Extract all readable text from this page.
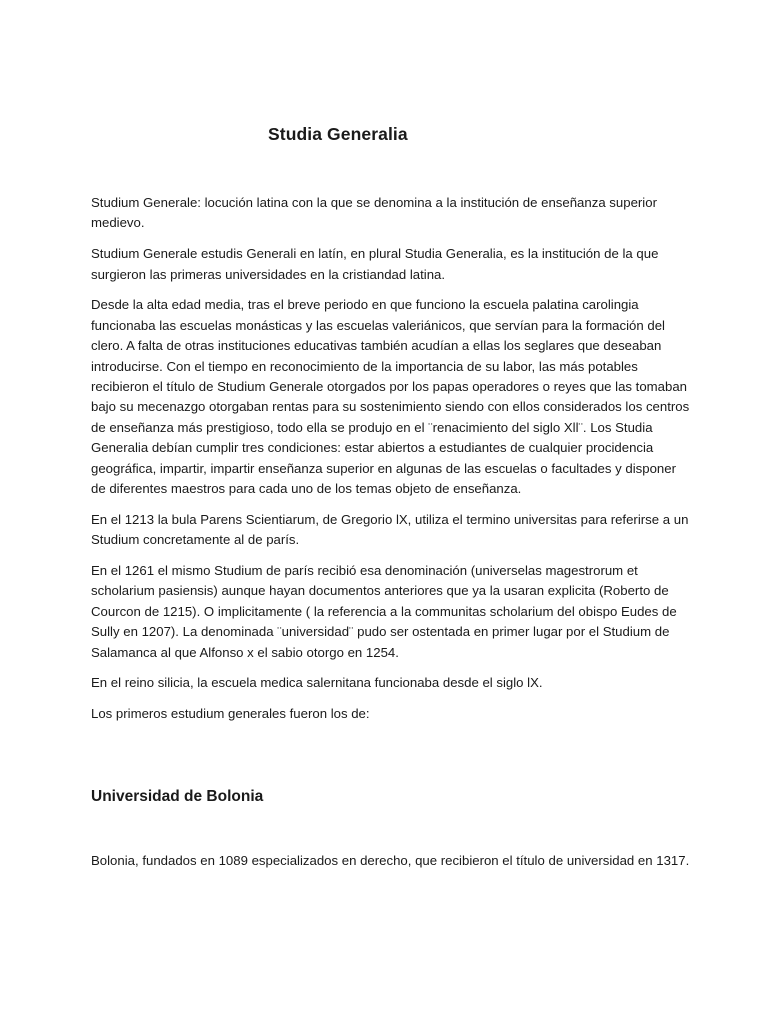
Studia Generalia

Studium Generale: locución latina con la que se denomina a la institución de enseñanza superior medievo.

Studium Generale estudis Generali en latín, en plural Studia Generalia, es la institución de la que surgieron las primeras universidades en la cristiandad latina.

Desde la alta edad media, tras el breve periodo en que funciono la escuela palatina carolingia funcionaba las escuelas monásticas y las escuelas valeriánicos, que servían para la formación del clero. A falta de otras instituciones educativas también acudían a ellas los seglares que deseaban introducirse. Con el tiempo en reconocimiento de la importancia de su labor, las más potables recibieron el título de Studium Generale otorgados por los papas operadores o reyes que las tomaban bajo su mecenazgo otorgaban rentas para su sostenimiento siendo con ellos considerados los centros de enseñanza más prestigioso, todo ella se produjo en el ¨renacimiento del siglo Xll¨. Los Studia Generalia debían cumplir tres condiciones: estar abiertos a estudiantes de cualquier procidencia geográfica, impartir, impartir enseñanza superior en algunas de las escuelas o facultades y disponer de diferentes maestros para cada uno de los temas objeto de enseñanza.

En el 1213 la bula Parens Scientiarum, de Gregorio lX, utiliza el termino universitas para referirse a un Studium concretamente al de parís.

En el 1261 el mismo Studium de parís recibió esa denominación (universelas magestrorum et scholarium pasiensis) aunque hayan documentos anteriores que ya la usaran explicita (Roberto de Courcon de 1215). O implicitamente ( la referencia a la communitas scholarium del obispo Eudes de Sully en 1207). La denominada ¨universidad¨ pudo ser ostentada en primer lugar por el Studium de Salamanca al que Alfonso x el sabio otorgo en 1254.

En el reino silicia, la escuela medica salernitana funcionaba desde el siglo lX.

Los primeros estudium generales fueron los de:

Universidad de Bolonia

Bolonia, fundados en 1089 especializados en derecho, que recibieron el título de universidad en 1317.
